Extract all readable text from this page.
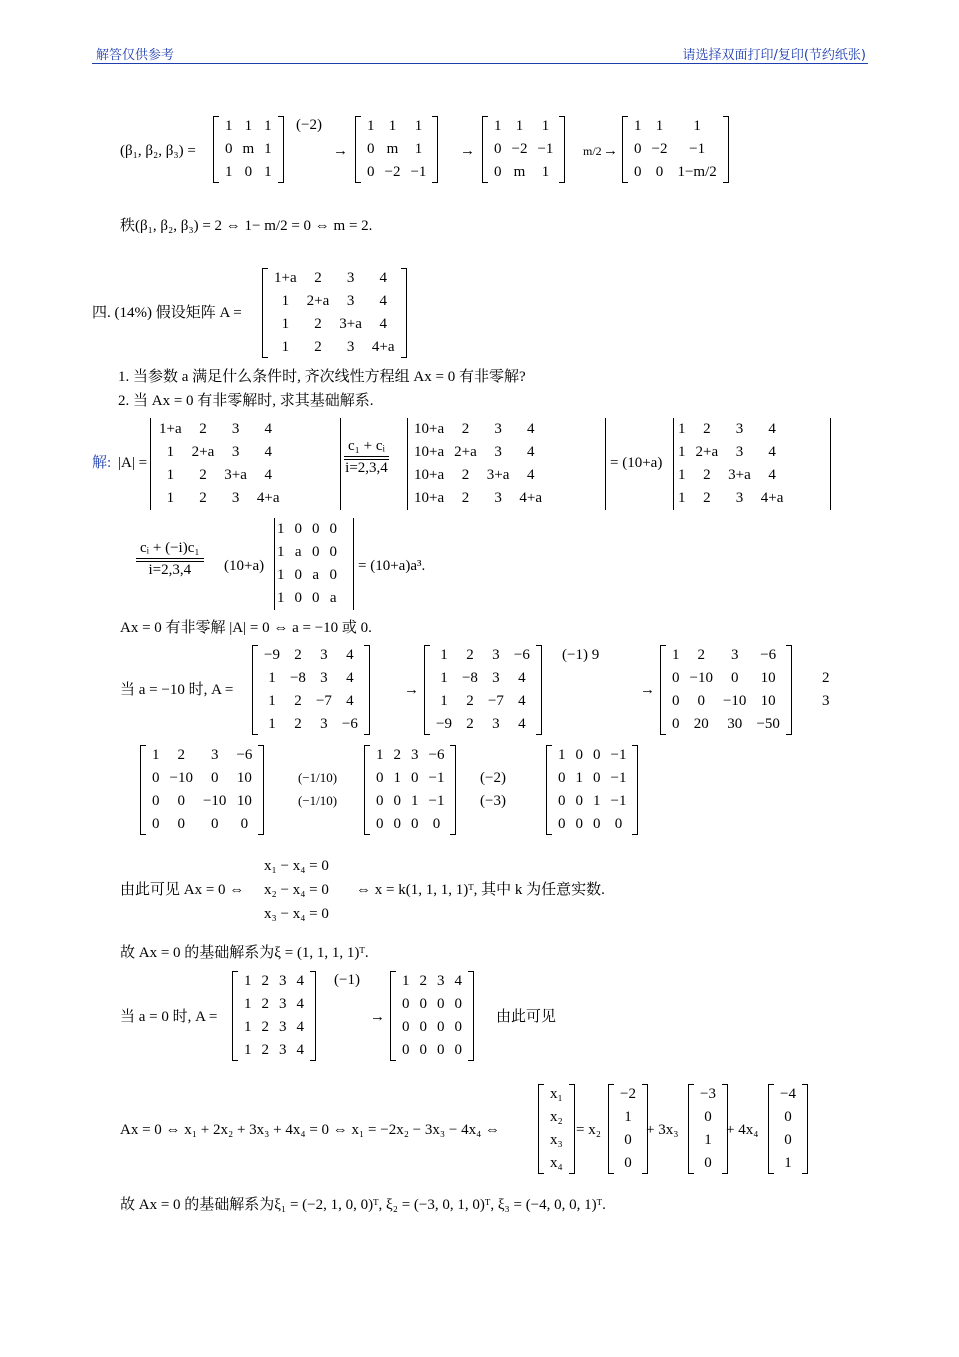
解答仅供参考	请选择双面打印/复印(节约纸张)
(β₁, β₂, β₃) =
1	1	1
0	m	1
1	0	1
(−2)
→
1	1	1
0	m	1
0	−2	−1
→
1	1	1
0	−2	−1
0	m	1
m/2 →
1	1	1
0	−2	−1
0	0	1−m/2
秩(β₁, β₂, β₃) = 2 ⇔ 1− m/2 = 0 ⇔ m = 2.
四. (14%) 假设矩阵 A =
1+a	2	3	4
1	2+a	3	4
1	2	3+a	4
1	2	3	4+a
1. 当参数 a 满足什么条件时, 齐次线性方程组 Ax = 0 有非零解?
2. 当 Ax = 0 有非零解时, 求其基础解系.
解: |A| =
1+a	2	3	4
1	2+a	3	4
1	2	3+a	4
1	2	3	4+a
c₁ + cᵢ
i=2,3,4
10+a	2	3	4
10+a	2+a	3	4
10+a	2	3+a	4
10+a	2	3	4+a
= (10+a)
1	2	3	4
1	2+a	3	4
1	2	3+a	4
1	2	3	4+a
cᵢ + (−i)c₁
i=2,3,4	(10+a)
1	0	0	0
1	a	0	0
1	0	a	0
1	0	0	a
= (10+a)a³.
Ax = 0 有非零解 |A| = 0 ⇔ a = −10 或 0.
当 a = −10 时, A =
−9	2	3	4
1	−8	3	4
1	2	−7	4
1	2	3	−6
→
1	2	3	−6
1	−8	3	4
1	2	−7	4
−9	2	3	4
(−1) 9
→
1	2	3	−6
0	−10	0	10
0	0	−10	10
0	20	30	−50
2
3
1	2	3	−6
0	−10	0	10
0	0	−10	10
0	0	0	0
(−1/10)
(−1/10)
1	2	3	−6
0	1	0	−1
0	0	1	−1
0	0	0	0
(−2)
(−3)
1	0	0	−1
0	1	0	−1
0	0	1	−1
0	0	0	0
由此可见 Ax = 0 ⇔
x₁ − x₄ = 0
x₂ − x₄ = 0
x₃ − x₄ = 0
⇔ x = k(1, 1, 1, 1)ᵀ, 其中 k 为任意实数.
故 Ax = 0 的基础解系为ξ = (1, 1, 1, 1)ᵀ.
当 a = 0 时, A =
1	2	3	4
1	2	3	4
1	2	3	4
1	2	3	4
(−1)
→
1	2	3	4
0	0	0	0
0	0	0	0
0	0	0	0
由此可见
Ax = 0 ⇔ x₁ + 2x₂ + 3x₃ + 4x₄ = 0 ⇔ x₁ = −2x₂ − 3x₃ − 4x₄ ⇔
x₁
x₂
x₃
x₄
= x₂
−2
1
0
0
+ 3x₃
−3
0
1
0
+ 4x₄
−4
0
0
1
故 Ax = 0 的基础解系为ξ₁ = (−2, 1, 0, 0)ᵀ, ξ₂ = (−3, 0, 1, 0)ᵀ, ξ₃ = (−4, 0, 0, 1)ᵀ.
